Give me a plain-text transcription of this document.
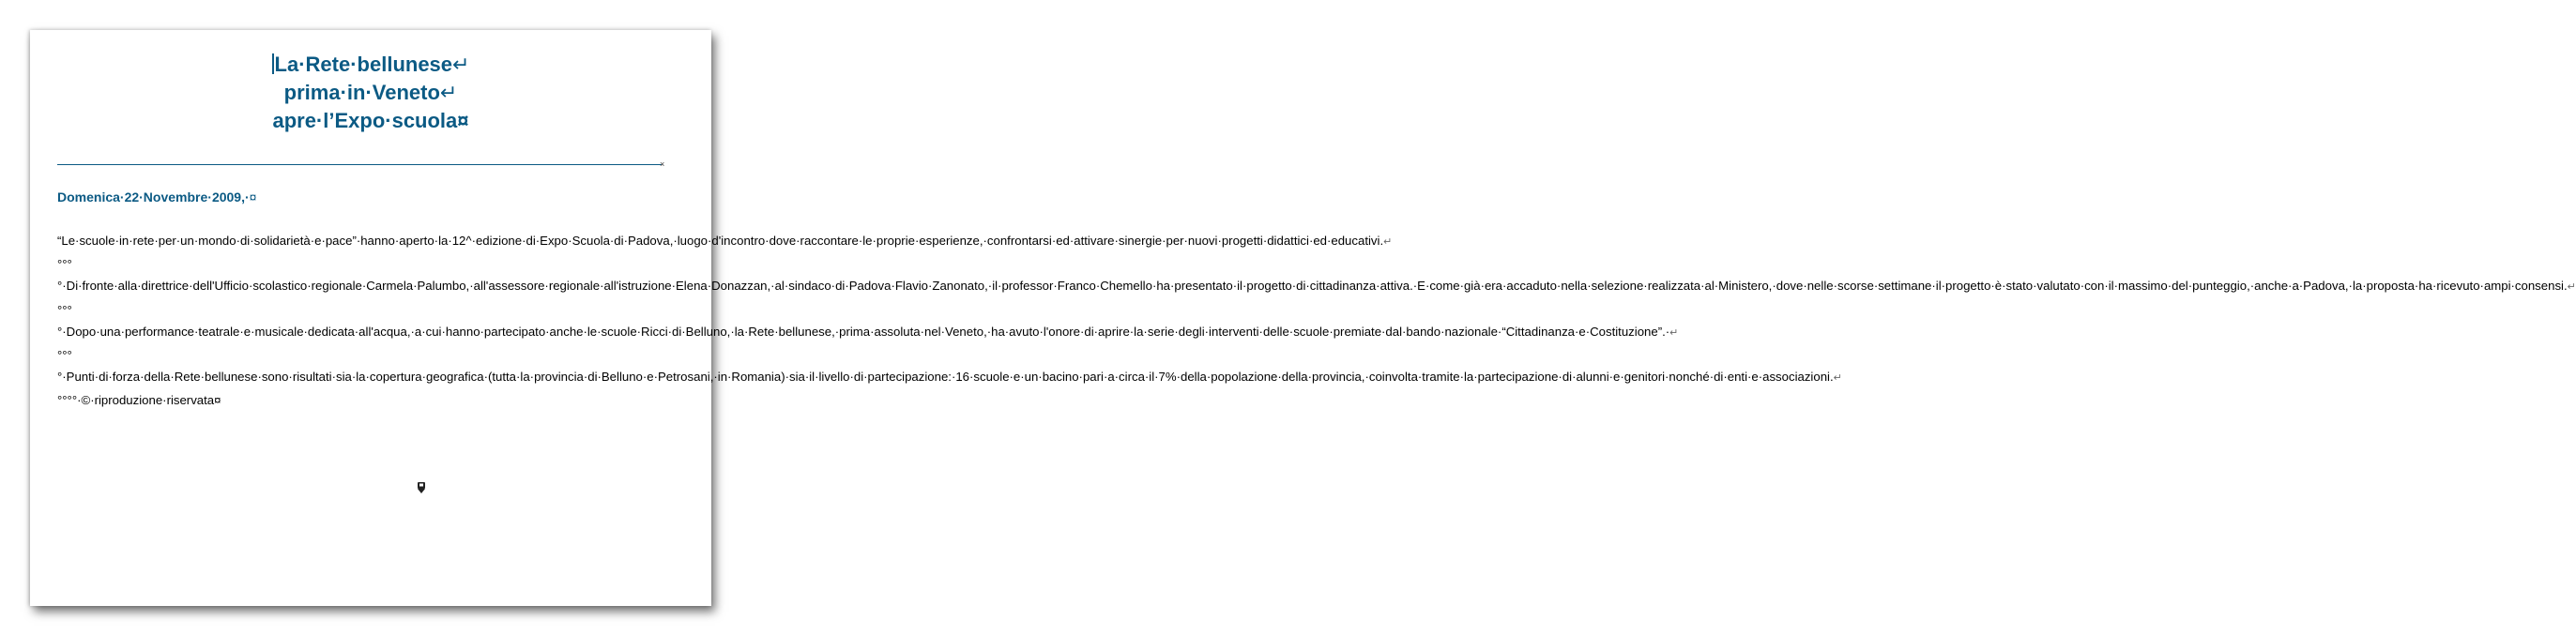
La·Rete·bellunese↵
prima·in·Veneto↵
apre·l’Expo·scuola¤
×
Domenica·22·Novembre·2009,·¤

“Le·scuole·in·rete·per·un·mondo·di·solidarietà·e·pace”·hanno·aperto·la·12^·edizione·di·Expo·Scuola·di·Padova,·luogo·d'incontro·dove·raccontare·le·proprie·esperienze,·confrontarsi·ed·attivare·sinergie·per·nuovi·progetti·didattici·ed·educativi.↵

°°°°·Di·fronte·alla·direttrice·dell'Ufficio·scolastico·regionale·Carmela·Palumbo,·all'assessore·regionale·all'istruzione·Elena·Donazzan,·al·sindaco·di·Padova·Flavio·Zanonato,·il·professor·Franco·Chemello·ha·presentato·il·progetto·di·cittadinanza·attiva.·E·come·già·era·accaduto·nella·selezione·realizzata·al·Ministero,·dove·nelle·scorse·settimane·il·progetto·è·stato·valutato·con·il·massimo·del·punteggio,·anche·a·Padova,·la·proposta·ha·ricevuto·ampi·consensi.↵

°°°°·Dopo·una·performance·teatrale·e·musicale·dedicata·all'acqua,·a·cui·hanno·partecipato·anche·le·scuole·Ricci·di·Belluno,·la·Rete·bellunese,·prima·assoluta·nel·Veneto,·ha·avuto·l'onore·di·aprire·la·serie·degli·interventi·delle·scuole·premiate·dal·bando·nazionale·“Cittadinanza·e·Costituzione”.·↵

°°°°·Punti·di·forza·della·Rete·bellunese·sono·risultati·sia·la·copertura·geografica·(tutta·la·provincia·di·Belluno·e·Petrosani,·in·Romania)·sia·il·livello·di·partecipazione:·16·scuole·e·un·bacino·pari·a·circa·il·7%·della·popolazione·della·provincia,·coinvolta·tramite·la·partecipazione·di·alunni·e·genitori·nonché·di·enti·e·associazioni.↵

°°°°·©·riproduzione·riservata¤
